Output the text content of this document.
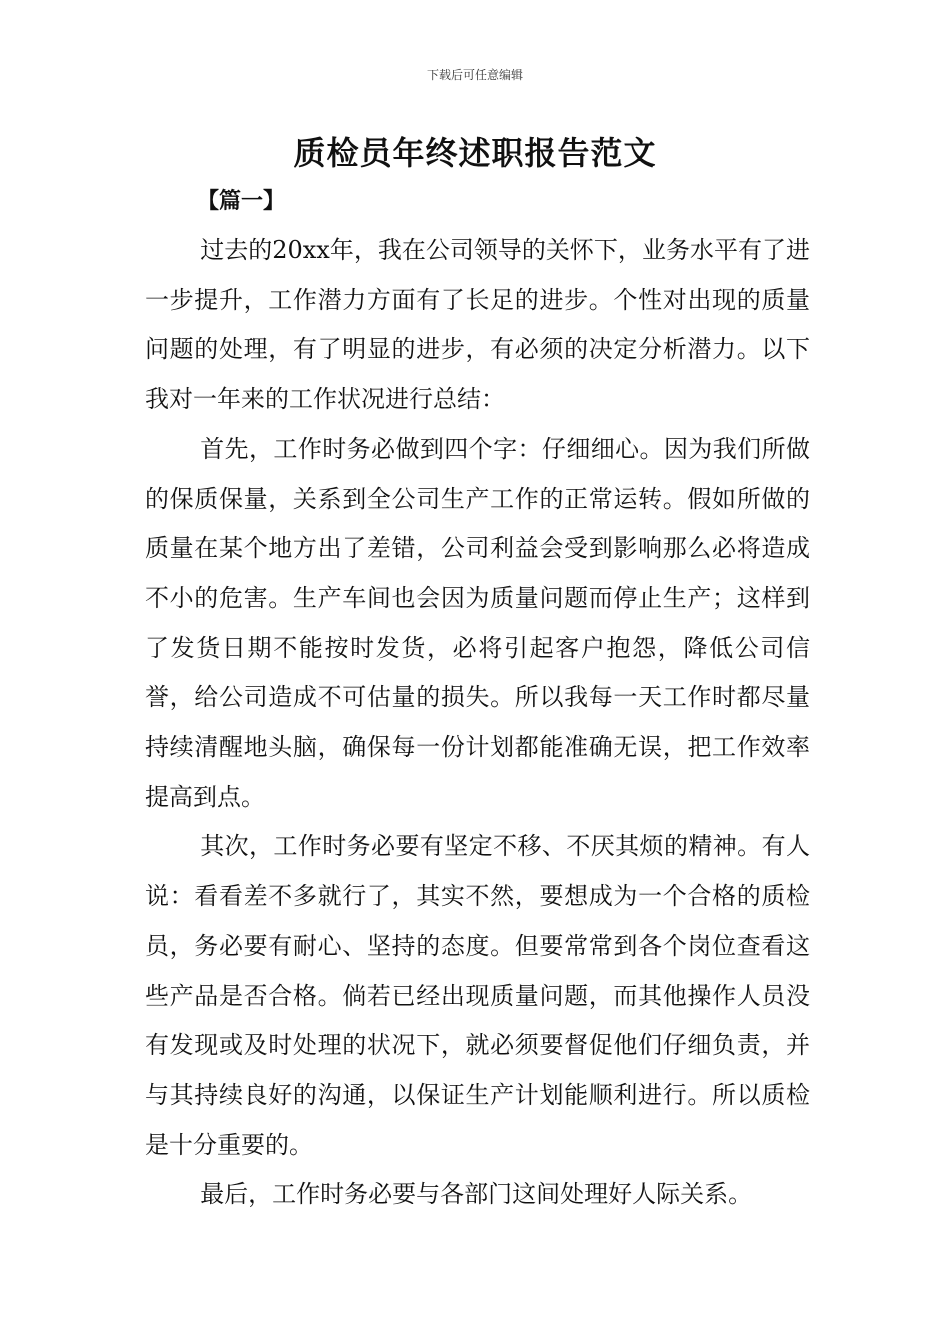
下载后可任意编辑
质检员年终述职报告范文
【篇一】

过去的20xx年，我在公司领导的关怀下，业务水平有了进一步提升，工作潜力方面有了长足的进步。个性对出现的质量问题的处理，有了明显的进步，有必须的决定分析潜力。以下我对一年来的工作状况进行总结：

首先，工作时务必做到四个字：仔细细心。因为我们所做的保质保量，关系到全公司生产工作的正常运转。假如所做的质量在某个地方出了差错，公司利益会受到影响那么必将造成不小的危害。生产车间也会因为质量问题而停止生产；这样到了发货日期不能按时发货，必将引起客户抱怨，降低公司信誉，给公司造成不可估量的损失。所以我每一天工作时都尽量持续清醒地头脑，确保每一份计划都能准确无误，把工作效率提高到点。

其次，工作时务必要有坚定不移、不厌其烦的精神。有人说：看看差不多就行了，其实不然，要想成为一个合格的质检员，务必要有耐心、坚持的态度。但要常常到各个岗位查看这些产品是否合格。倘若已经出现质量问题，而其他操作人员没有发现或及时处理的状况下，就必须要督促他们仔细负责，并与其持续良好的沟通，以保证生产计划能顺利进行。所以质检是十分重要的。

最后，工作时务必要与各部门这间处理好人际关系。
